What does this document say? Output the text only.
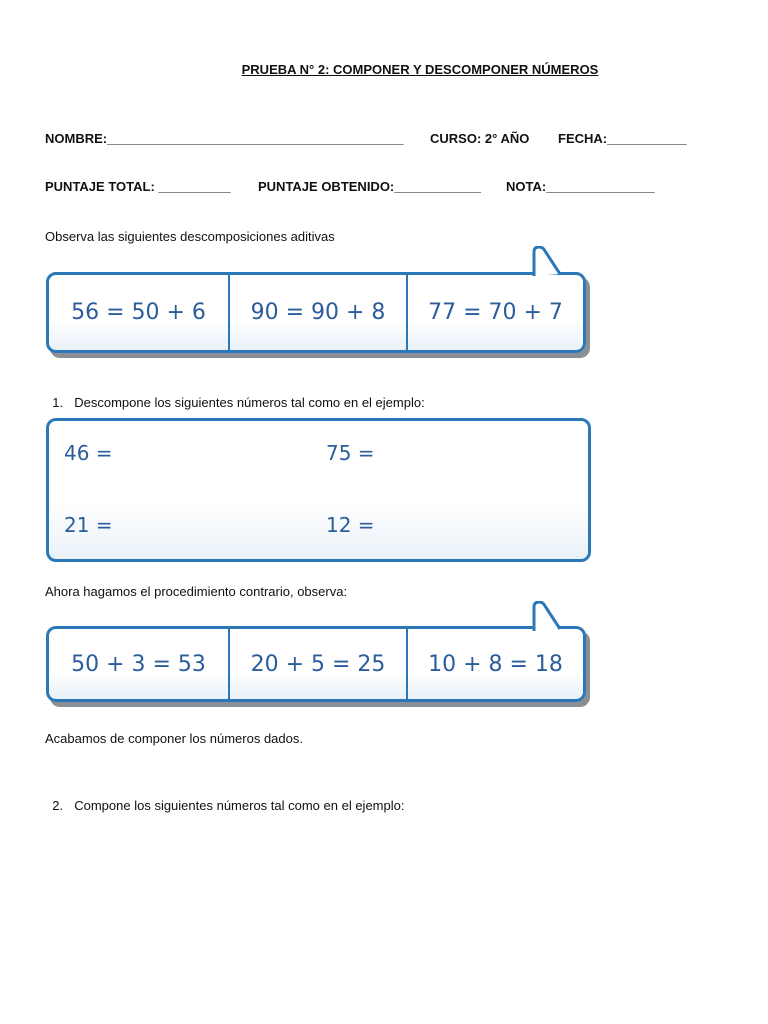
PRUEBA N° 2: COMPONER Y DESCOMPONER NÚMEROS
NOMBRE:_________________________________________ CURSO: 2° AÑO FECHA:___________
PUNTAJE TOTAL: __________ PUNTAJE OBTENIDO:____________ NOTA:_______________
Observa las siguientes descomposiciones aditivas
56 = 50 + 6	90 = 90 + 8	77 = 70 + 7

1. Descompone los siguientes números tal como en el ejemplo:

46 =	75 =
21 =	12 =
Ahora hagamos el procedimiento contrario, observa:
50 + 3 = 53	20 + 5 = 25	10 + 8 = 18
Acabamos de componer los números dados.

2. Compone los siguientes números tal como en el ejemplo:
